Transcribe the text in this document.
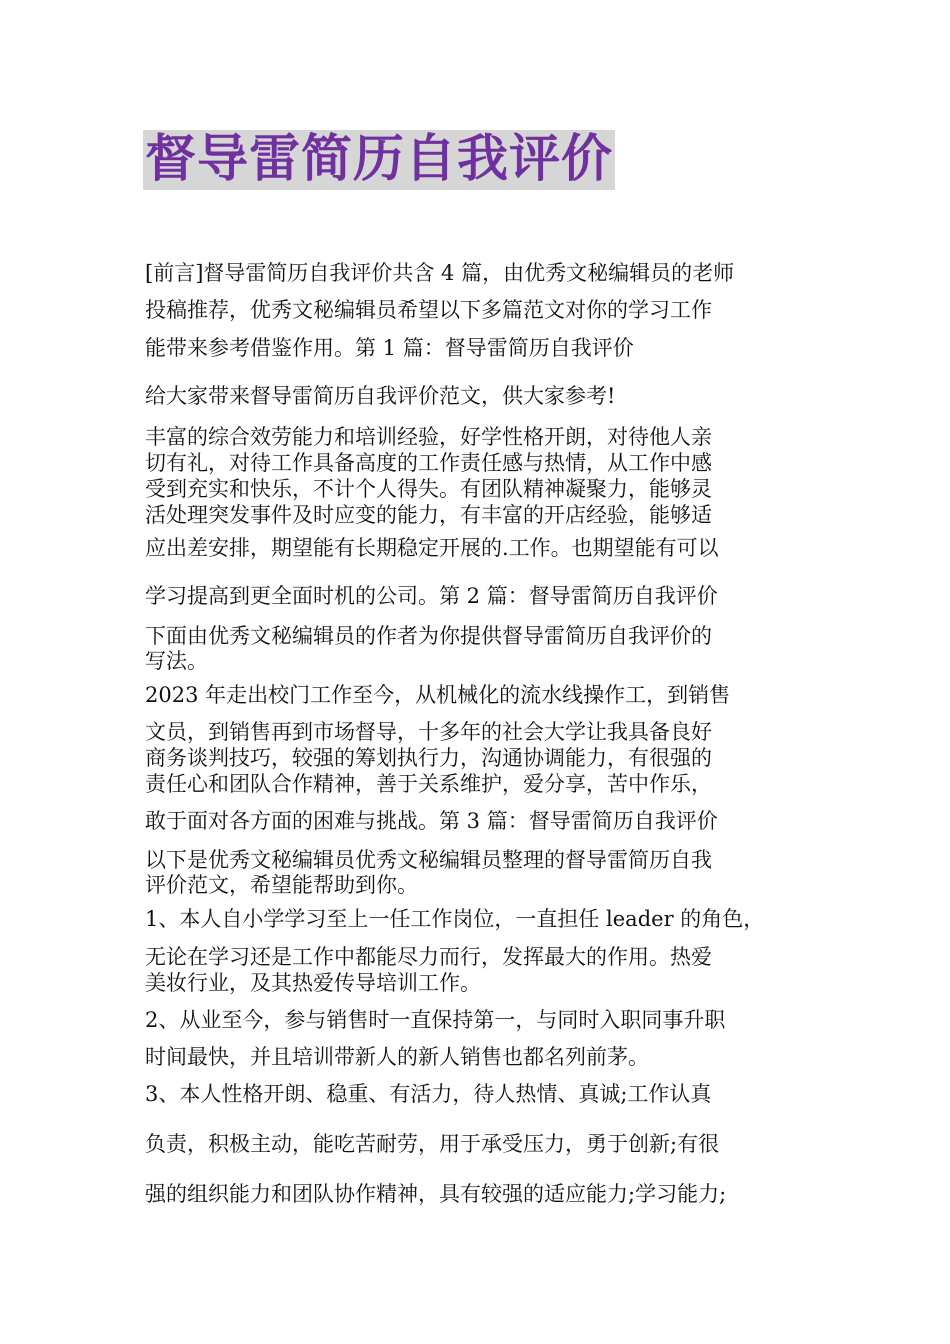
督导雷简历自我评价
[前言]督导雷简历自我评价共含 4 篇，由优秀文秘编辑员的老师
投稿推荐，优秀文秘编辑员希望以下多篇范文对你的学习工作
能带来参考借鉴作用。第 1 篇：督导雷简历自我评价
给大家带来督导雷简历自我评价范文，供大家参考!
丰富的综合效劳能力和培训经验，好学性格开朗，对待他人亲
切有礼，对待工作具备高度的工作责任感与热情，从工作中感
受到充实和快乐，不计个人得失。有团队精神凝聚力，能够灵
活处理突发事件及时应变的能力，有丰富的开店经验，能够适
应出差安排，期望能有长期稳定开展的.工作。也期望能有可以
学习提高到更全面时机的公司。第 2 篇：督导雷简历自我评价
下面由优秀文秘编辑员的作者为你提供督导雷简历自我评价的
写法。
2023 年走出校门工作至今，从机械化的流水线操作工，到销售
文员，到销售再到市场督导，十多年的社会大学让我具备良好
商务谈判技巧，较强的筹划执行力，沟通协调能力，有很强的
责任心和团队合作精神，善于关系维护，爱分享，苦中作乐，
敢于面对各方面的困难与挑战。第 3 篇：督导雷简历自我评价
以下是优秀文秘编辑员优秀文秘编辑员整理的督导雷简历自我
评价范文，希望能帮助到你。
1、本人自小学学习至上一任工作岗位，一直担任 leader 的角色，
无论在学习还是工作中都能尽力而行，发挥最大的作用。热爱
美妆行业，及其热爱传导培训工作。
2、从业至今，参与销售时一直保持第一，与同时入职同事升职
时间最快，并且培训带新人的新人销售也都名列前茅。
3、本人性格开朗、稳重、有活力，待人热情、真诚;工作认真
负责，积极主动，能吃苦耐劳，用于承受压力，勇于创新;有很
强的组织能力和团队协作精神，具有较强的适应能力;学习能力;
